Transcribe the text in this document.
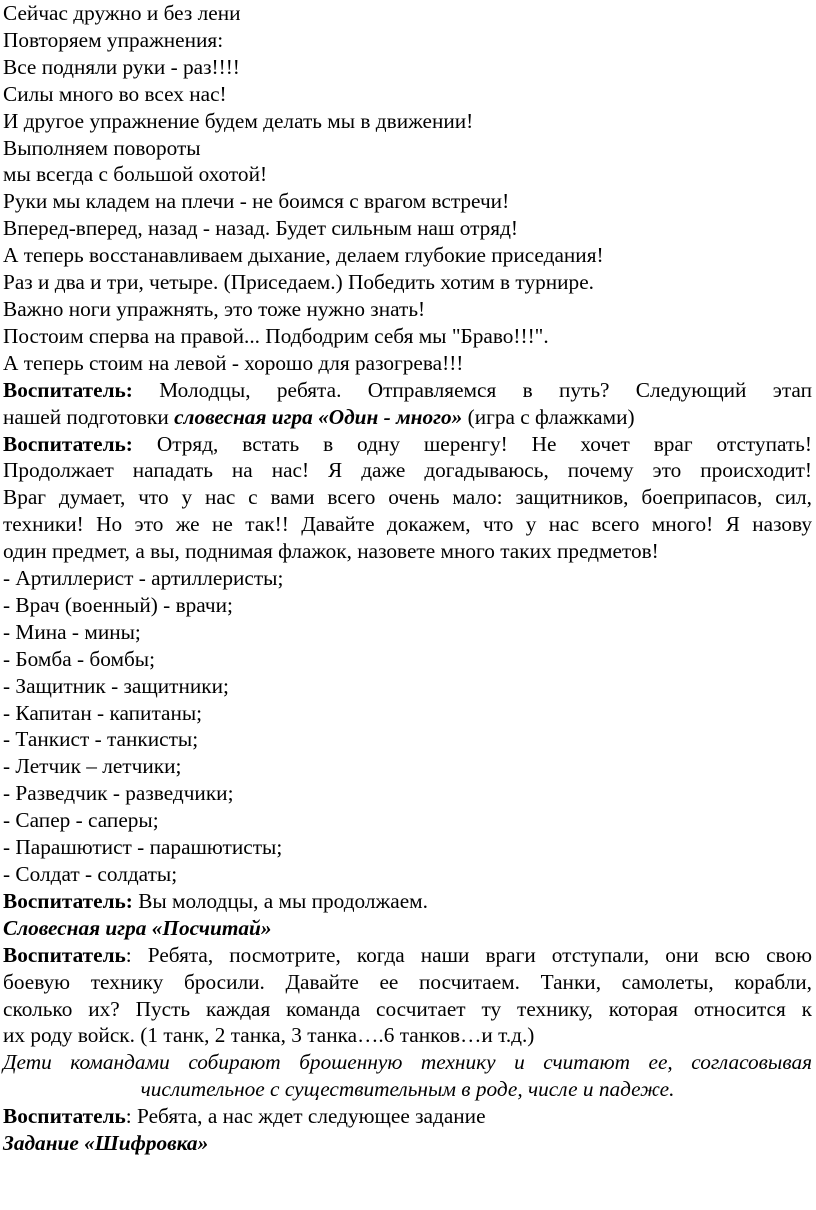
Сейчас дружно и без лени
Повторяем упражнения:
Все подняли руки - раз!!!!
Силы много во всех нас!
И другое упражнение будем делать мы в движении!
Выполняем повороты
мы всегда с большой охотой!
Руки мы кладем на плечи - не боимся с врагом встречи!
Вперед-вперед, назад - назад. Будет сильным наш отряд!
А теперь восстанавливаем дыхание, делаем глубокие приседания!
Раз и два и три, четыре. (Приседаем.) Победить хотим в турнире.
Важно ноги упражнять, это тоже нужно знать!
Постоим сперва на правой... Подбодрим себя мы "Браво!!!".
А теперь стоим на левой - хорошо для разогрева!!!
Воспитатель: Молодцы, ребята. Отправляемся в путь? Следующий этап
нашей подготовки словесная игра «Один - много» (игра с флажками)
Воспитатель: Отряд, встать в одну шеренгу! Не хочет враг отступать!
Продолжает нападать на нас! Я даже догадываюсь, почему это происходит!
Враг думает, что у нас с вами всего очень мало: защитников, боеприпасов, сил,
техники! Но это же не так!! Давайте докажем, что у нас всего много! Я назову
один предмет, а вы, поднимая флажок, назовете много таких предметов!
- Артиллерист - артиллеристы;
- Врач (военный) - врачи;
- Мина - мины;
- Бомба - бомбы;
- Защитник - защитники;
- Капитан - капитаны;
- Танкист - танкисты;
- Летчик – летчики;
- Разведчик - разведчики;
- Сапер - саперы;
- Парашютист - парашютисты;
- Солдат - солдаты;
Воспитатель: Вы молодцы, а мы продолжаем.
Словесная игра «Посчитай»
Воспитатель: Ребята, посмотрите, когда наши враги отступали, они всю свою
боевую технику бросили. Давайте ее посчитаем. Танки, самолеты, корабли,
сколько их? Пусть каждая команда сосчитает ту технику, которая относится к
их роду войск. (1 танк, 2 танка, 3 танка….6 танков…и т.д.)
Дети командами собирают брошенную технику и считают ее, согласовывая
числительное с существительным в роде, числе и падеже.
Воспитатель: Ребята, а нас ждет следующее задание
Задание «Шифровка»
